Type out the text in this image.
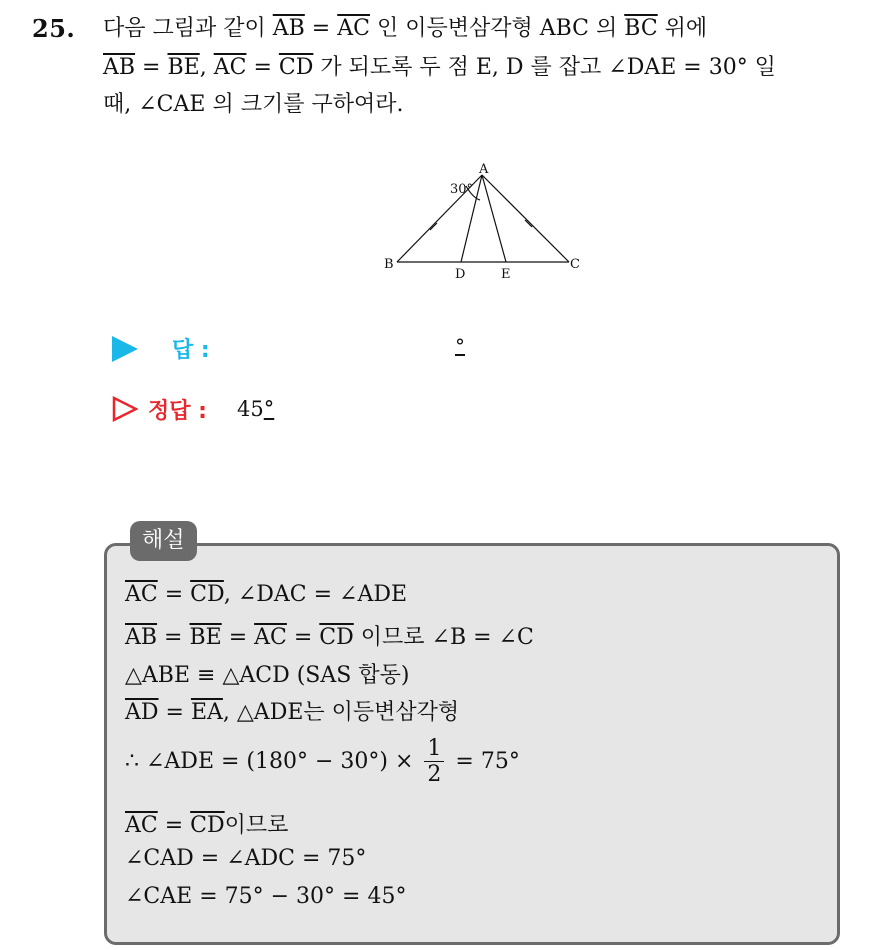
25. 다음 그림과 같이 $\overline{AB} = \overline{AC}$ 인 이등변삼각형 ABC 의 $\overline{BC}$ 위에
$\overline{AB} = \overline{BE}$, $\overline{AC} = \overline{CD}$ 가 되도록 두 점 E, D 를 잡고 ∠DAE = 30° 일
때, ∠CAE 의 크기를 구하여라.
30°
A
B	C
D	E
답 :	°
정답 : 45°
해설
$\overline{AC} = \overline{CD}$, ∠DAC = ∠ADE
$\overline{AB} = \overline{BE} = \overline{AC} = \overline{CD}$ 이므로 ∠B = ∠C
△ABE ≡ △ACD (SAS 합동)
$\overline{AD} = \overline{EA}$, △ADE는 이등변삼각형
∴ ∠ADE = $(180^\circ - 30^\circ) \times \frac{1}{2} = 75^\circ$
$\overline{AC} = \overline{CD}$이므로
∠CAD = ∠ADC = 75°
∠CAE = 75° − 30° = 45°
